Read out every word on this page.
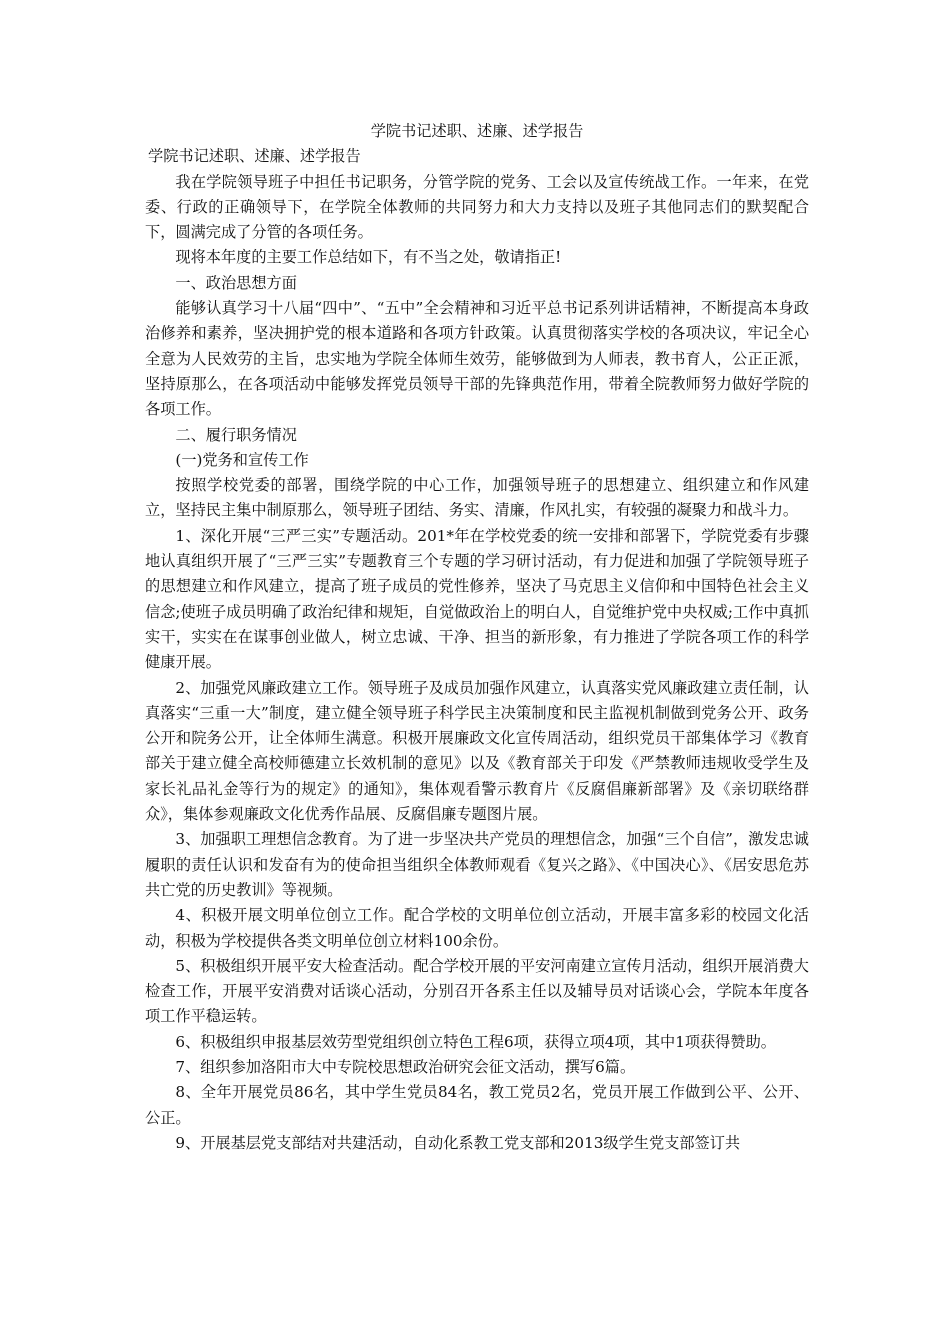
学院书记述职、述廉、述学报告

学院书记述职、述廉、述学报告

我在学院领导班子中担任书记职务，分管学院的党务、工会以及宣传统战工作。一年来，在党委、行政的正确领导下，在学院全体教师的共同努力和大力支持以及班子其他同志们的默契配合下，圆满完成了分管的各项任务。

现将本年度的主要工作总结如下，有不当之处，敬请指正!

一、政治思想方面

能够认真学习十八届“四中”、“五中”全会精神和习近平总书记系列讲话精神，不断提高本身政治修养和素养，坚决拥护党的根本道路和各项方针政策。认真贯彻落实学校的各项决议，牢记全心全意为人民效劳的主旨，忠实地为学院全体师生效劳，能够做到为人师表，教书育人，公正正派，坚持原那么，在各项活动中能够发挥党员领导干部的先锋典范作用，带着全院教师努力做好学院的各项工作。

二、履行职务情况

(一)党务和宣传工作

按照学校党委的部署，围绕学院的中心工作，加强领导班子的思想建立、组织建立和作风建立，坚持民主集中制原那么，领导班子团结、务实、清廉，作风扎实，有较强的凝聚力和战斗力。

1、深化开展“三严三实”专题活动。201*年在学校党委的统一安排和部署下，学院党委有步骤地认真组织开展了“三严三实”专题教育三个专题的学习研讨活动，有力促进和加强了学院领导班子的思想建立和作风建立，提高了班子成员的党性修养，坚决了马克思主义信仰和中国特色社会主义信念;使班子成员明确了政治纪律和规矩，自觉做政治上的明白人，自觉维护党中央权威;工作中真抓实干，实实在在谋事创业做人，树立忠诚、干净、担当的新形象，有力推进了学院各项工作的科学健康开展。

2、加强党风廉政建立工作。领导班子及成员加强作风建立，认真落实党风廉政建立责任制，认真落实“三重一大”制度，建立健全领导班子科学民主决策制度和民主监视机制做到党务公开、政务公开和院务公开，让全体师生满意。积极开展廉政文化宣传周活动，组织党员干部集体学习《教育部关于建立健全高校师德建立长效机制的意见》以及《教育部关于印发《严禁教师违规收受学生及家长礼品礼金等行为的规定》的通知》，集体观看警示教育片《反腐倡廉新部署》及《亲切联络群众》，集体参观廉政文化优秀作品展、反腐倡廉专题图片展。

3、加强职工理想信念教育。为了进一步坚决共产党员的理想信念，加强“三个自信”，激发忠诚履职的责任认识和发奋有为的使命担当组织全体教师观看《复兴之路》、《中国决心》、《居安思危苏共亡党的历史教训》等视频。

4、积极开展文明单位创立工作。配合学校的文明单位创立活动，开展丰富多彩的校园文化活动，积极为学校提供各类文明单位创立材料100余份。

5、积极组织开展平安大检查活动。配合学校开展的平安河南建立宣传月活动，组织开展消费大检查工作，开展平安消费对话谈心活动，分别召开各系主任以及辅导员对话谈心会，学院本年度各项工作平稳运转。

6、积极组织申报基层效劳型党组织创立特色工程6项，获得立项4项，其中1项获得赞助。

7、组织参加洛阳市大中专院校思想政治研究会征文活动，撰写6篇。

8、全年开展党员86名，其中学生党员84名，教工党员2名，党员开展工作做到公平、公开、公正。

9、开展基层党支部结对共建活动，自动化系教工党支部和2013级学生党支部签订共
